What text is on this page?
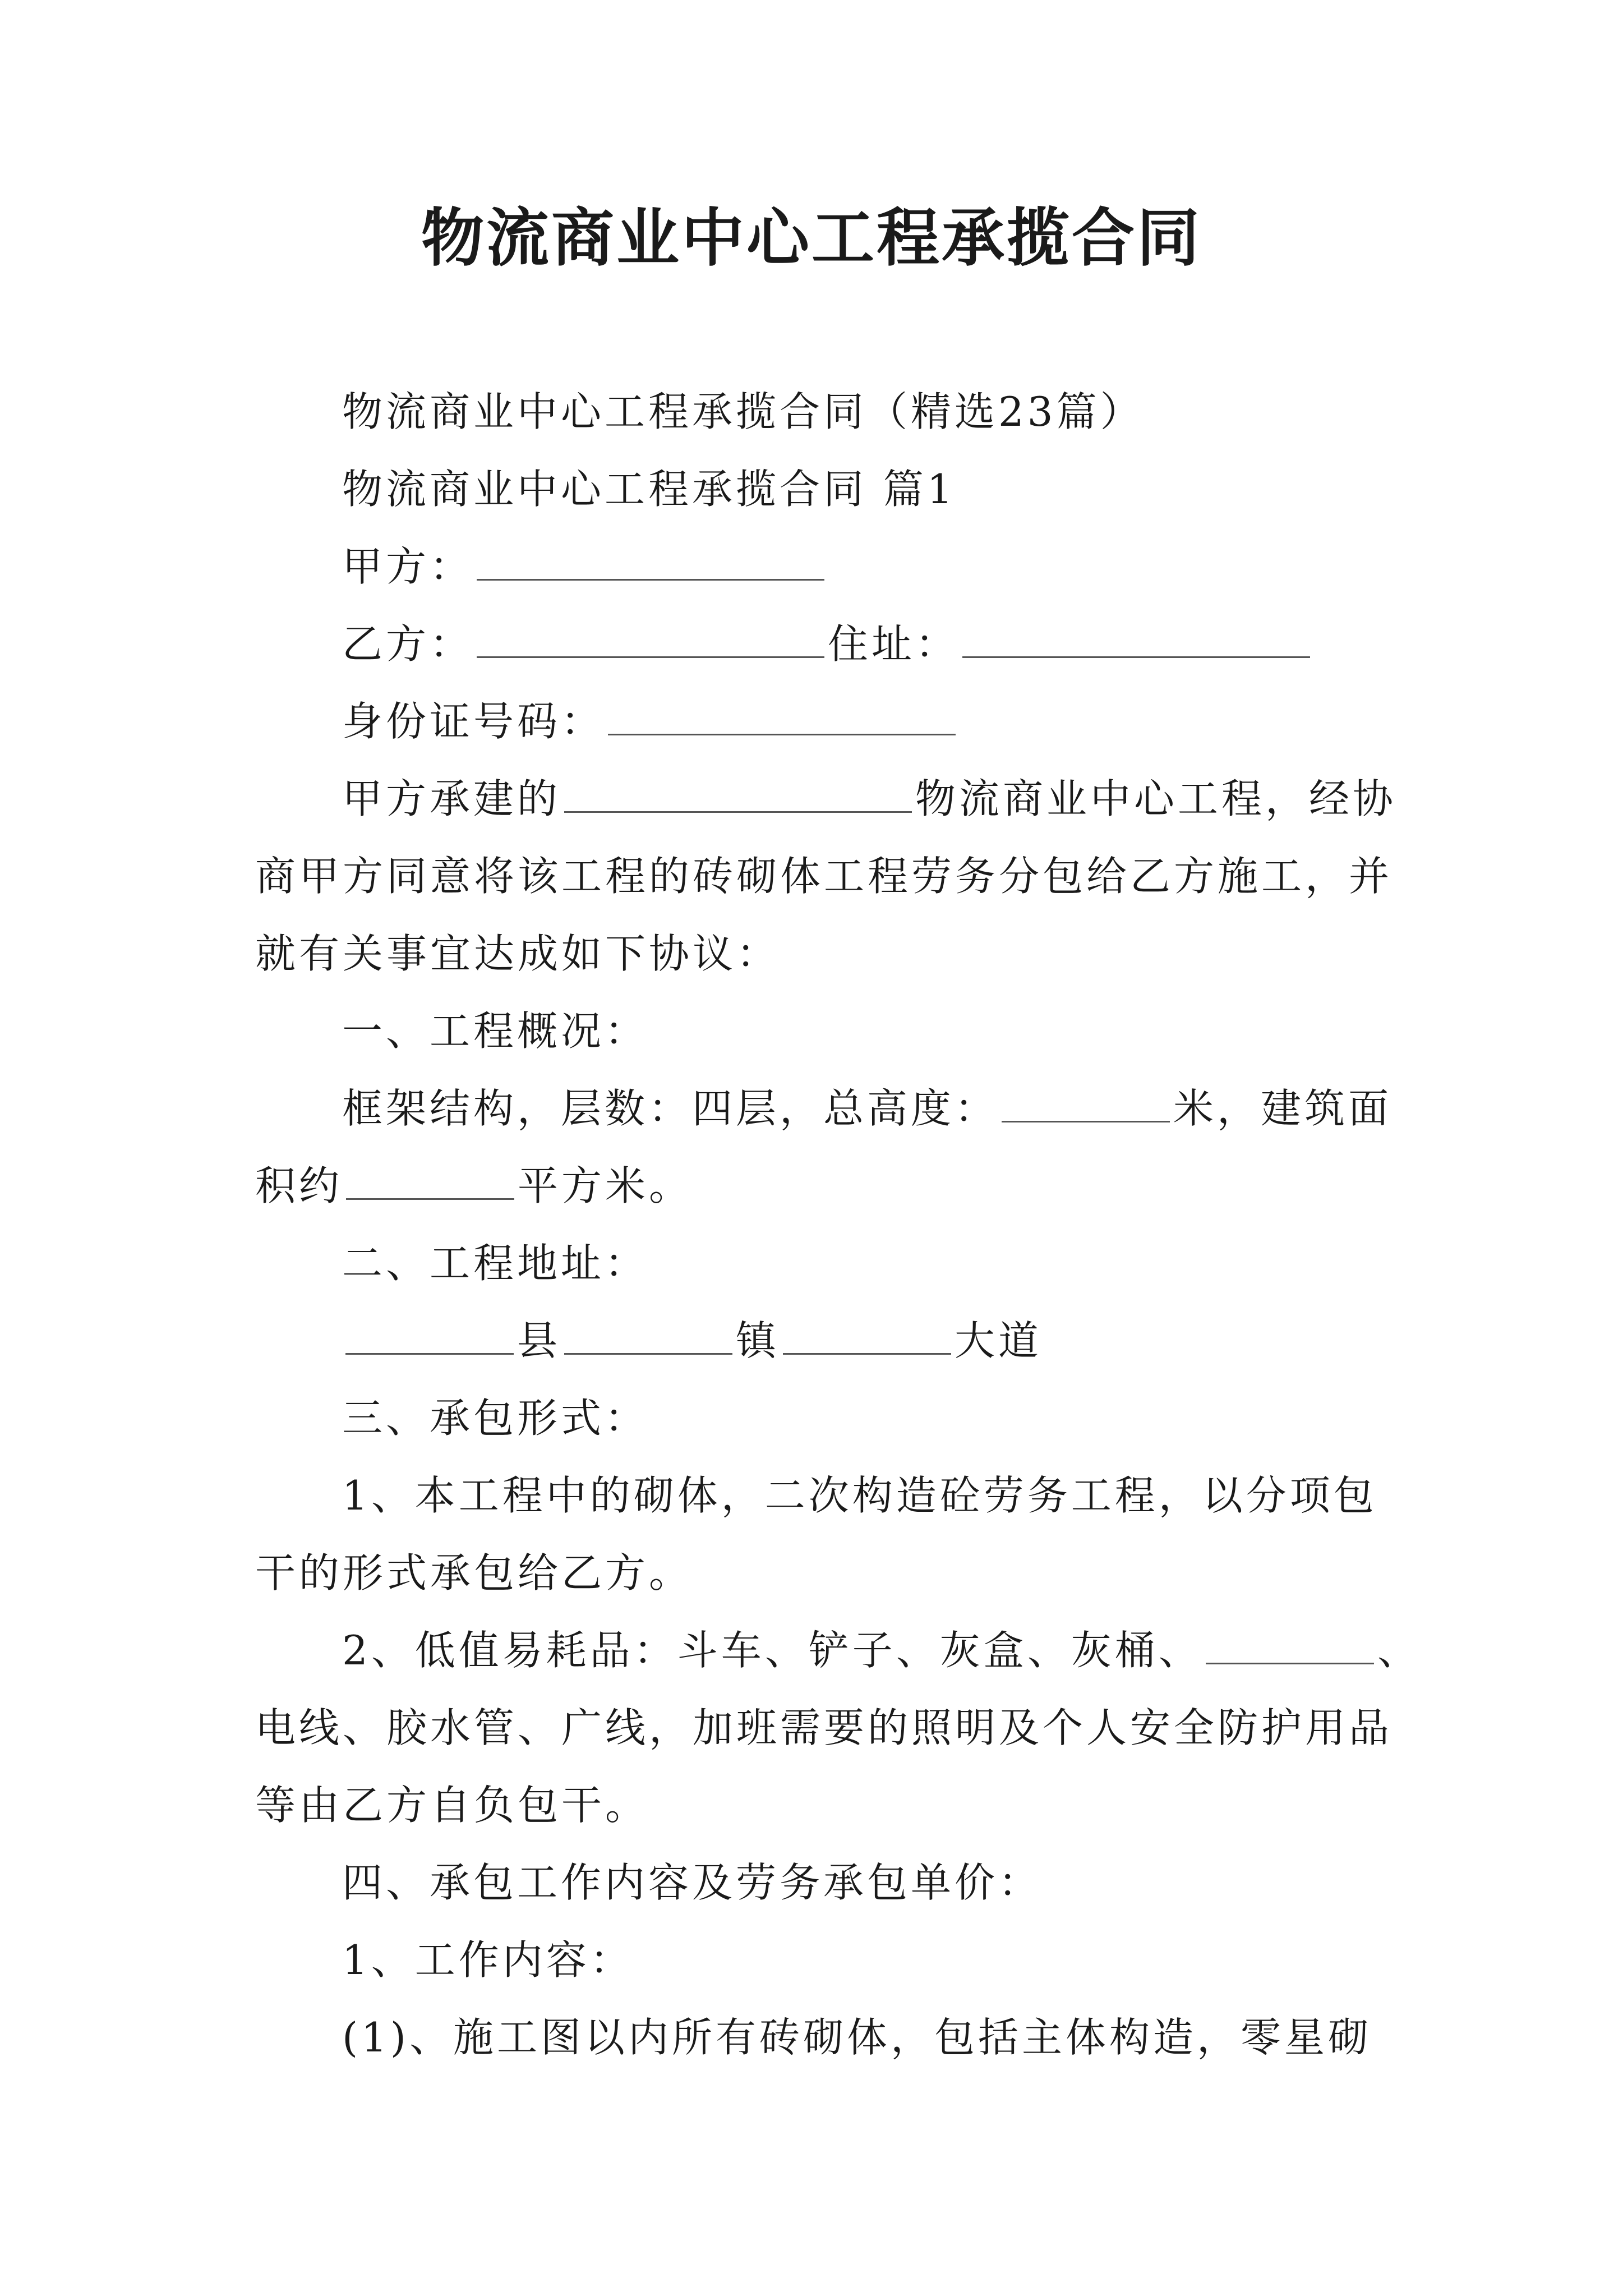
物流商业中心工程承揽合同
物流商业中心工程承揽合同（精选23篇）
物流商业中心工程承揽合同 篇1
甲方：
乙方：	住址：
身份证号码：
甲方承建的	物流商业中心工程，经协
商甲方同意将该工程的砖砌体工程劳务分包给乙方施工，并
就有关事宜达成如下协议：
一、工程概况：
框架结构，层数：四层，总高度：	米，建筑面
积约	平方米。
二、工程地址：
县	镇	大道
三、承包形式：
1、本工程中的砌体，二次构造砼劳务工程，以分项包
干的形式承包给乙方。
2、低值易耗品：斗车、铲子、灰盒、灰桶、	、
电线、胶水管、广线，加班需要的照明及个人安全防护用品
等由乙方自负包干。
四、承包工作内容及劳务承包单价：
1、工作内容：
(1)、施工图以内所有砖砌体，包括主体构造，零星砌
